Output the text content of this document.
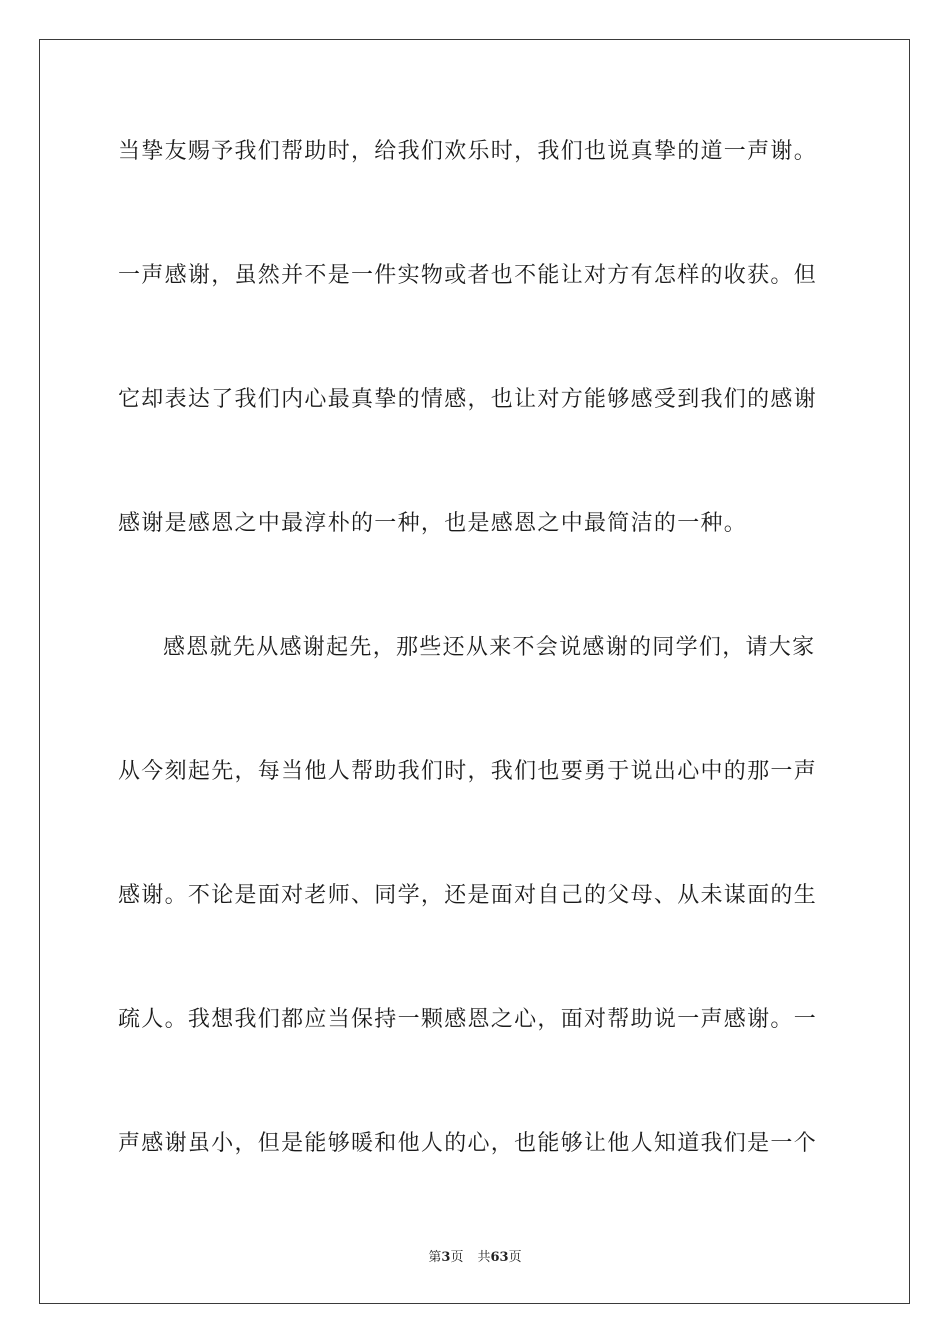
当挚友赐予我们帮助时，给我们欢乐时，我们也说真挚的道一声谢。
一声感谢，虽然并不是一件实物或者也不能让对方有怎样的收获。但
它却表达了我们内心最真挚的情感，也让对方能够感受到我们的感谢
感谢是感恩之中最淳朴的一种，也是感恩之中最简洁的一种。
感恩就先从感谢起先，那些还从来不会说感谢的同学们，请大家
从今刻起先，每当他人帮助我们时，我们也要勇于说出心中的那一声
感谢。不论是面对老师、同学，还是面对自己的父母、从未谋面的生
疏人。我想我们都应当保持一颗感恩之心，面对帮助说一声感谢。一
声感谢虽小，但是能够暖和他人的心，也能够让他人知道我们是一个
第3页 共63页
